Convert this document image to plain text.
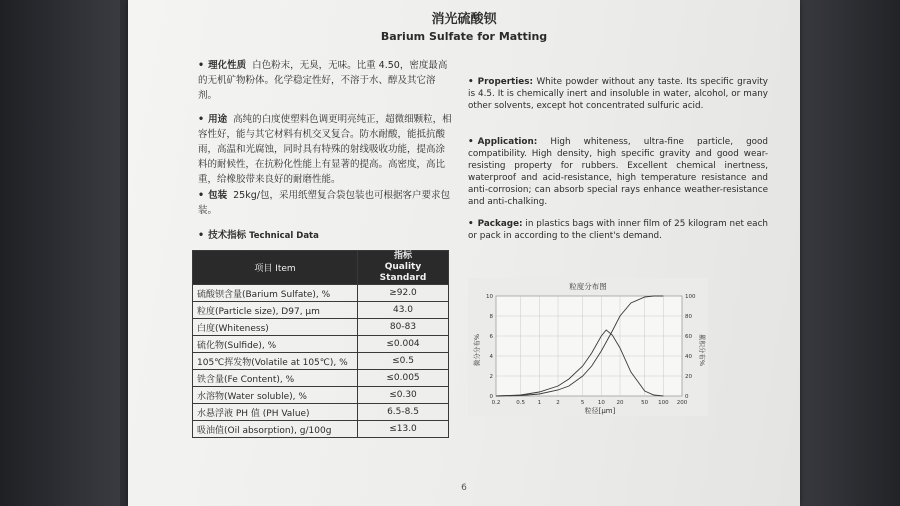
消光硫酸钡
Barium Sulfate for Matting
• 理化性质 白色粉末，无臭，无味。比重 4.50，密度最高的无机矿物粉体。化学稳定性好，不溶于水、醇及其它溶剂。
• 用途 高纯的白度使塑料色调更明亮纯正，超微细颗粒，相容性好，能与其它材料有机交叉复合。防水耐酸，能抵抗酸雨，高温和光腐蚀，同时具有特殊的射线吸收功能，提高涂料的耐候性，在抗粉化性能上有显著的提高。高密度，高比重，给橡胶带来良好的耐磨性能。
• 包装 25kg/包，采用纸塑复合袋包装也可根据客户要求包装。
• 技术指标 Technical Data
• Properties: White powder without any taste. Its specific gravity is 4.5. It is chemically inert and insoluble in water, alcohol, or many other solvents, except hot concentrated sulfuric acid.
• Application: High whiteness, ultra-fine particle, good compatibility. High density, high specific gravity and good wear-resisting property for rubbers. Excellent chemical inertness, waterproof and acid-resistance, high temperature resistance and anti-corrosion; can absorb special rays enhance weather-resistance and anti-chalking.
• Package: in plastics bags with inner film of 25 kilogram net each or pack in according to the client's demand.
项目 Item	指标
Quality Standard
硫酸钡含量(Barium Sulfate), %	≥92.0
粒度(Particle size), D97, μm	43.0
白度(Whiteness)	80-83
硫化物(Sulfide), %	≤0.004
105℃挥发物(Volatile at 105℃), %	≤0.5
铁含量(Fe Content), %	≤0.005
水溶物(Water soluble), %	≤0.30
水悬浮液 PH 值 (PH Value)	6.5-8.5
吸油值(Oil absorption), g/100g	≤13.0
粒度分布图
0.2	0.5 1	2	5 10 20	50 100 200
0
2
4
6
8
10
0
20
40
60
80
100
粒径[μm]
微分分布%	累积分布%
6
